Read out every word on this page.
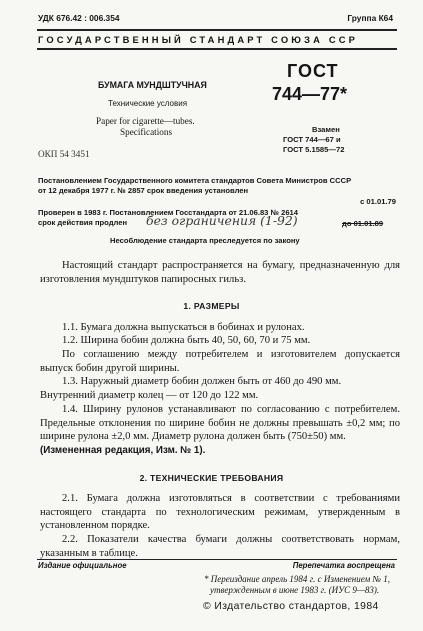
УДК 676.42 : 006.354	Группа К64
ГОСУДАРСТВЕННЫЙ СТАНДАРТ СОЮЗА ССР
БУМАГА МУНДШТУЧНАЯ
Технические условия
Paper for cigarette—tubes.
Specifications
ОКП 54 3451
ГОСТ
744—77*
Взамен
ГОСТ 744—67 и
ГОСТ 5.1585—72
Постановлением Государственного комитета стандартов Совета Министров СССР
от 12 декабря 1977 г. № 2857 срок введения установлен
с 01.01.79
Проверен в 1983 г. Постановлением Госстандарта от 21.06.83 № 2614
срок действия продлен без ограничения (1-92)	до 01.01.89
Несоблюдение стандарта преследуется по закону

Настоящий стандарт распространяется на бумагу, предназначенную для изготовления мундштуков папиросных гильз.

1. РАЗМЕРЫ

1.1. Бумага должна выпускаться в бобинах и рулонах.

1.2. Ширина бобин должна быть 40, 50, 60, 70 и 75 мм.

По соглашению между потребителем и изготовителем допускается выпуск бобин другой ширины.

1.3. Наружный диаметр бобин должен быть от 460 до 490 мм.

Внутренний диаметр колец — от 120 до 122 мм.

1.4. Ширину рулонов устанавливают по согласованию с потребителем. Предельные отклонения по ширине бобин не должны превышать ±0,2 мм; по ширине рулона ±2,0 мм. Диаметр рулона должен быть (750±50) мм.

(Измененная редакция, Изм. № 1).
2. ТЕХНИЧЕСКИЕ ТРЕБОВАНИЯ

2.1. Бумага должна изготовляться в соответствии с требованиями настоящего стандарта по технологическим режимам, утвержденным в установленном порядке.

2.2. Показатели качества бумаги должны соответствовать нормам, указанным в таблице.

Издание официальное	Перепечатка воспрещена
* Переиздание апрель 1984 г. с Изменением № 1,
утвержденным в июне 1983 г. (ИУС 9—83).
© Издательство стандартов, 1984
